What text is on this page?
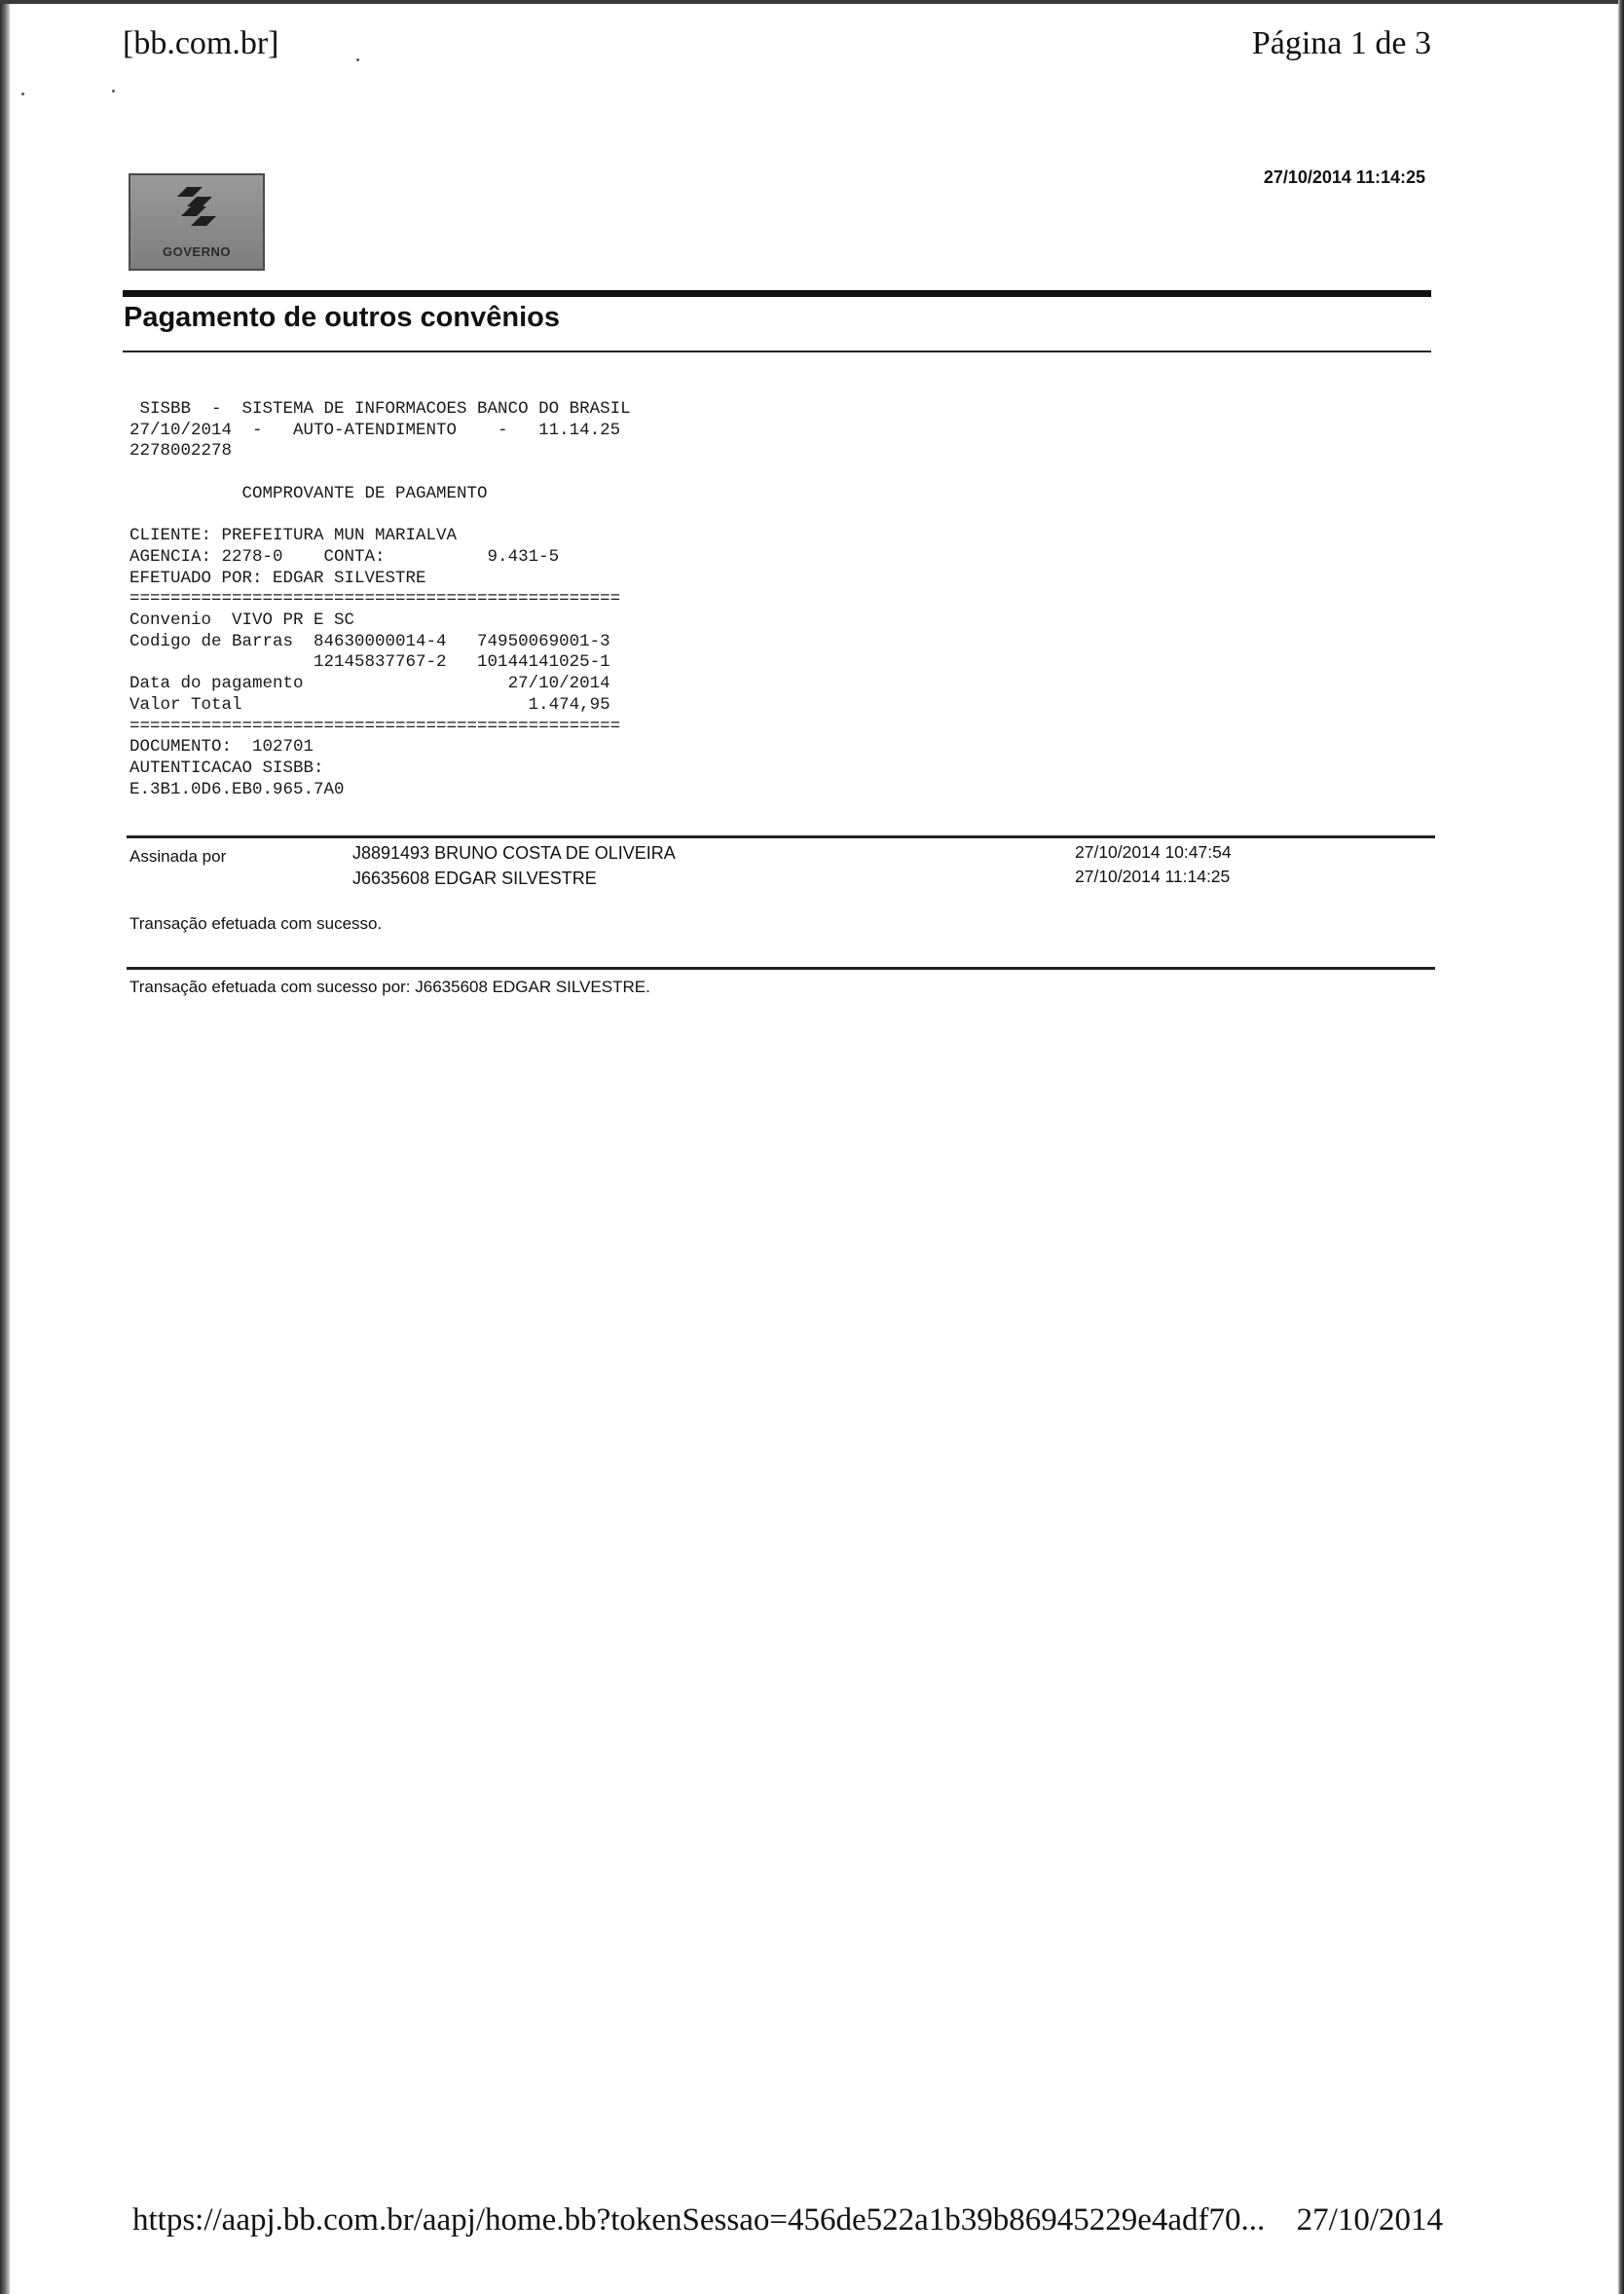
[bb.com.br]	Página 1 de 3
GOVERNO
27/10/2014 11:14:25
Pagamento de outros convênios
SISBB  -  SISTEMA DE INFORMACOES BANCO DO BRASIL
27/10/2014  -   AUTO-ATENDIMENTO    -   11.14.25
2278002278

COMPROVANTE DE PAGAMENTO

CLIENTE: PREFEITURA MUN MARIALVA
AGENCIA: 2278-0    CONTA:          9.431-5
EFETUADO POR: EDGAR SILVESTRE
================================================
Convenio  VIVO PR E SC
Codigo de Barras  84630000014-4   74950069001-3
12145837767-2   10144141025-1
Data do pagamento                    27/10/2014
Valor Total                            1.474,95
================================================
DOCUMENTO:  102701
AUTENTICACAO SISBB:
E.3B1.0D6.EB0.965.7A0

Assinada por	J8891493 BRUNO COSTA DE OLIVEIRA	27/10/2014 10:47:54
J6635608 EDGAR SILVESTRE	27/10/2014 11:14:25
Transação efetuada com sucesso.
Transação efetuada com sucesso por: J6635608 EDGAR SILVESTRE.
https://aapj.bb.com.br/aapj/home.bb?tokenSessao=456de522a1b39b86945229e4adf70... 27/10/2014
